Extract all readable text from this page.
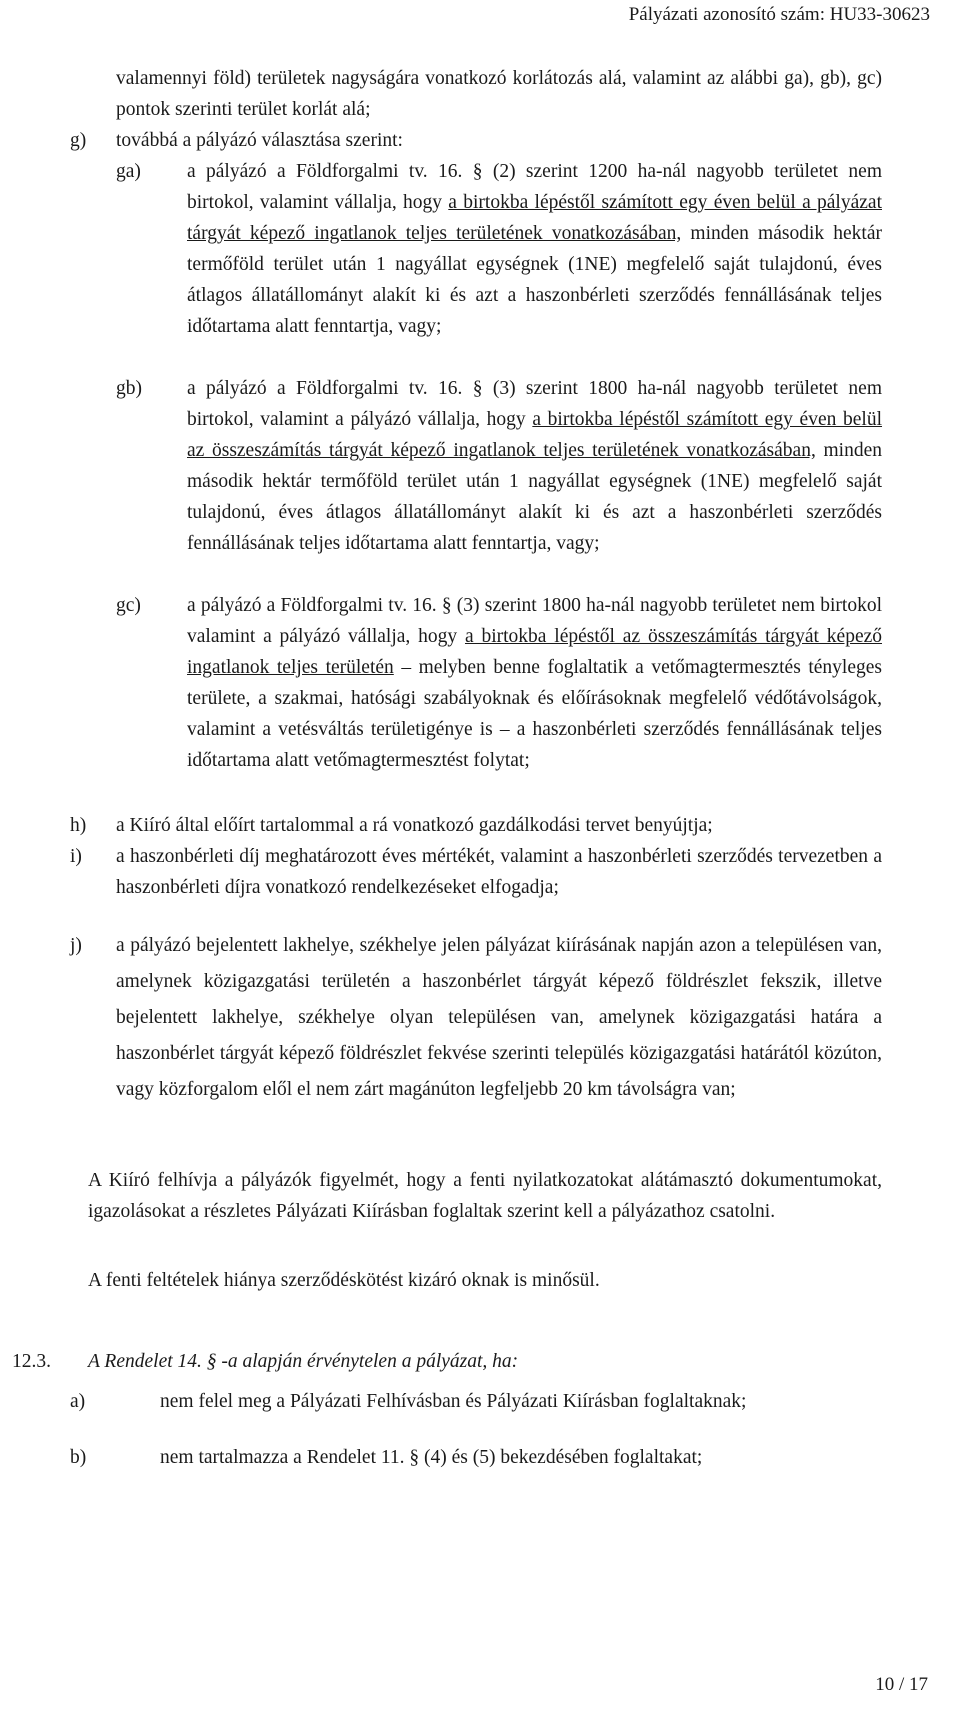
Pályázati azonosító szám: HU33-30623
valamennyi föld) területek nagyságára vonatkozó korlátozás alá, valamint az alábbi ga), gb), gc) pontok szerinti terület korlát alá;
g)	továbbá a pályázó választása szerint:
ga)	a pályázó a Földforgalmi tv. 16. § (2) szerint 1200 ha-nál nagyobb területet nem birtokol, valamint vállalja, hogy a birtokba lépéstől számított egy éven belül a pályázat tárgyát képező ingatlanok teljes területének vonatkozásában, minden második hektár termőföld terület után 1 nagyállat egységnek (1NE) megfelelő saját tulajdonú, éves átlagos állatállományt alakít ki és azt a haszonbérleti szerződés fennállásának teljes időtartama alatt fenntartja, vagy;
gb)	a pályázó a Földforgalmi tv. 16. § (3) szerint 1800 ha-nál nagyobb területet nem birtokol, valamint a pályázó vállalja, hogy a birtokba lépéstől számított egy éven belül az összeszámítás tárgyát képező ingatlanok teljes területének vonatkozásában, minden második hektár termőföld terület után 1 nagyállat egységnek (1NE) megfelelő saját tulajdonú, éves átlagos állatállományt alakít ki és azt a haszonbérleti szerződés fennállásának teljes időtartama alatt fenntartja, vagy;
gc)	a pályázó a Földforgalmi tv. 16. § (3) szerint 1800 ha-nál nagyobb területet nem birtokol valamint a pályázó vállalja, hogy a birtokba lépéstől az összeszámítás tárgyát képező ingatlanok teljes területén – melyben benne foglaltatik a vetőmagtermesztés tényleges területe, a szakmai, hatósági szabályoknak és előírásoknak megfelelő védőtávolságok, valamint a vetésváltás területigénye is – a haszonbérleti szerződés fennállásának teljes időtartama alatt vetőmagtermesztést folytat;
h)	a Kiíró által előírt tartalommal a rá vonatkozó gazdálkodási tervet benyújtja;
i)	a haszonbérleti díj meghatározott éves mértékét, valamint a haszonbérleti szerződés tervezetben a haszonbérleti díjra vonatkozó rendelkezéseket elfogadja;
j)	a pályázó bejelentett lakhelye, székhelye jelen pályázat kiírásának napján azon a településen van, amelynek közigazgatási területén a haszonbérlet tárgyát képező földrészlet fekszik, illetve bejelentett lakhelye, székhelye olyan településen van, amelynek közigazgatási határa a haszonbérlet tárgyát képező földrészlet fekvése szerinti település közigazgatási határától közúton, vagy közforgalom elől el nem zárt magánúton legfeljebb 20 km távolságra van;
A Kiíró felhívja a pályázók figyelmét, hogy a fenti nyilatkozatokat alátámasztó dokumentumokat, igazolásokat a részletes Pályázati Kiírásban foglaltak szerint kell a pályázathoz csatolni.
A fenti feltételek hiánya szerződéskötést kizáró oknak is minősül.
12.3.	A Rendelet 14. § -a alapján érvénytelen a pályázat, ha:
a)	nem felel meg a Pályázati Felhívásban és Pályázati Kiírásban foglaltaknak;
b)	nem tartalmazza a Rendelet 11. § (4) és (5) bekezdésében foglaltakat;
10 / 17
